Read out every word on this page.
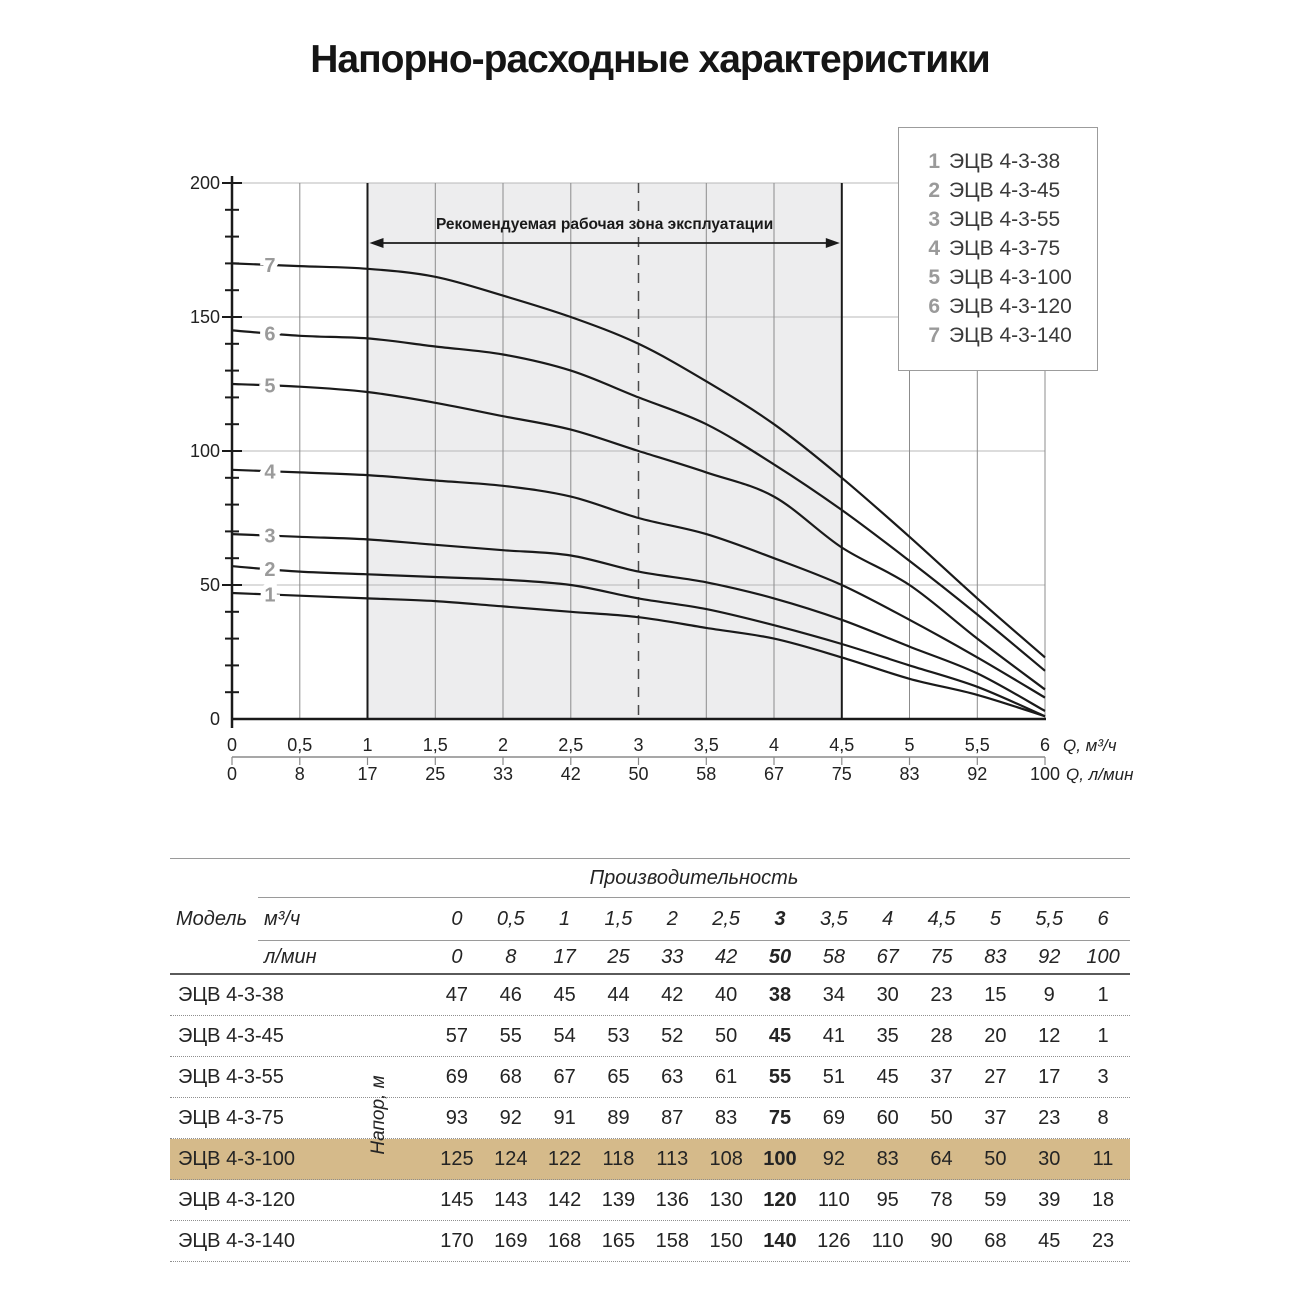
0
50
100
150
200
0
0
0,5
8
1
17
1,5
25
2
33
2,5
42
3
50
3,5
58
4
67
4,5
75
5
83
5,5
92
6
100
Q, м³/ч
Q, л/мин
1
2
3
4
5
6
7
Рекомендуемая рабочая зона эксплуатации
Напорно-расходные характеристики
1 ЭЦВ 4-3-38
2 ЭЦВ 4-3-45
3 ЭЦВ 4-3-55
4 ЭЦВ 4-3-75
5 ЭЦВ 4-3-100
6 ЭЦВ 4-3-120
7 ЭЦВ 4-3-140
Производительность
Модель м³/ч	0	0,5	1	1,5	2	2,5	3	3,5	4	4,5	5	5,5	6
л/мин	0	8	17	25	33	42	50	58	67	75	83	92	100
ЭЦВ 4-3-38	47	46	45	44	42	40	38	34	30	23	15	9	1
ЭЦВ 4-3-45	57	55	54	53	52	50	45	41	35	28	20	12	1
ЭЦВ 4-3-55	69	68	67	65	63	61	55	51	45	37	27	17	3
ЭЦВ 4-3-75	93	92	91	89	87	83	75	69	60	50	37	23	8
ЭЦВ 4-3-100	125	124	122	118	113	108	100	92	83	64	50	30	11
ЭЦВ 4-3-120	145	143	142	139	136	130	120	110	95	78	59	39	18
ЭЦВ 4-3-140	170	169	168	165	158	150	140	126	110	90	68	45	23
Напор, м
